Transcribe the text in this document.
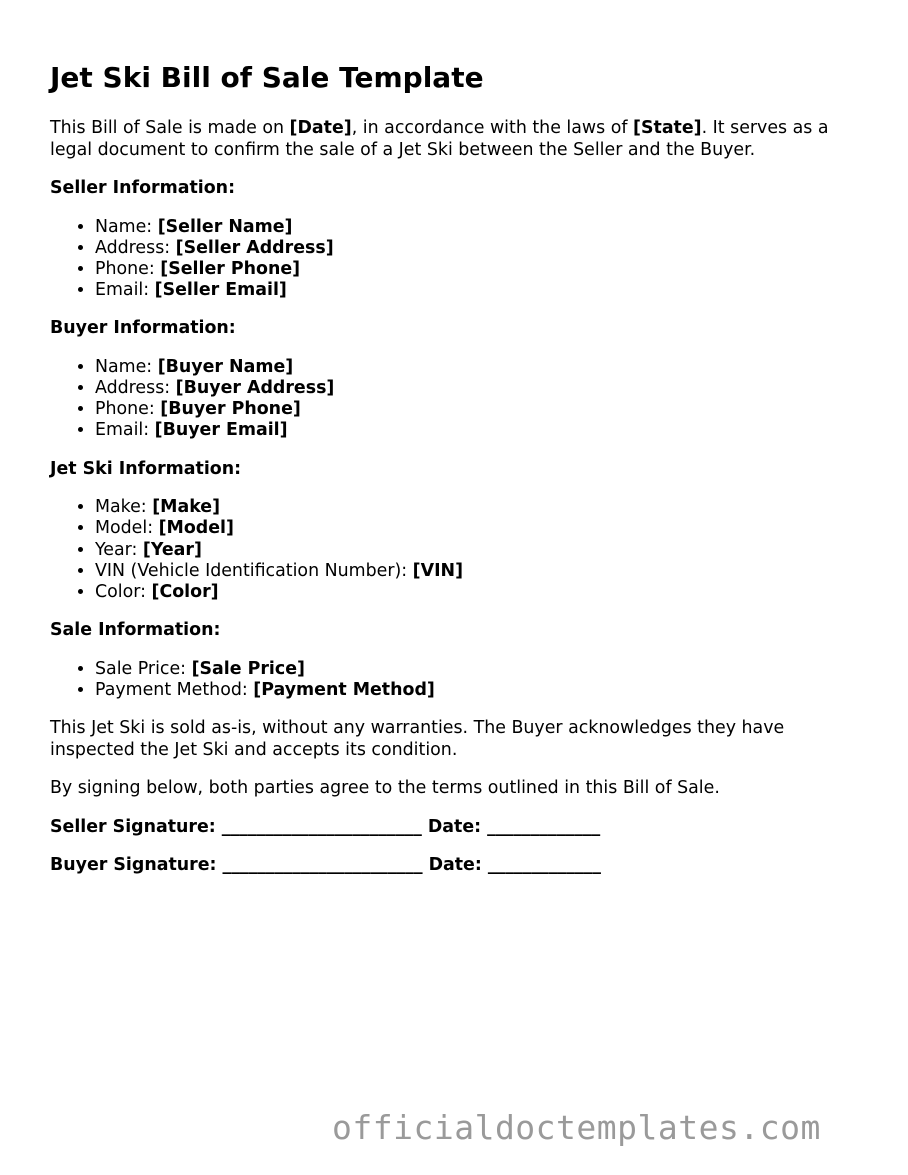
Jet Ski Bill of Sale Template

This Bill of Sale is made on [Date], in accordance with the laws of [State]. It serves as a legal document to confirm the sale of a Jet Ski between the Seller and the Buyer.

Seller Information:
• Name: [Seller Name]
• Address: [Seller Address]
• Phone: [Seller Phone]
• Email: [Seller Email]
Buyer Information:
• Name: [Buyer Name]
• Address: [Buyer Address]
• Phone: [Buyer Phone]
• Email: [Buyer Email]
Jet Ski Information:
• Make: [Make]
• Model: [Model]
• Year: [Year]
• VIN (Vehicle Identification Number): [VIN]
• Color: [Color]
Sale Information:
• Sale Price: [Sale Price]
• Payment Method: [Payment Method]

This Jet Ski is sold as-is, without any warranties. The Buyer acknowledges they have inspected the Jet Ski and accepts its condition.

By signing below, both parties agree to the terms outlined in this Bill of Sale.

Seller Signature: _______________________ Date: _____________
Buyer Signature: _______________________ Date: _____________
officialdoctemplates.com
